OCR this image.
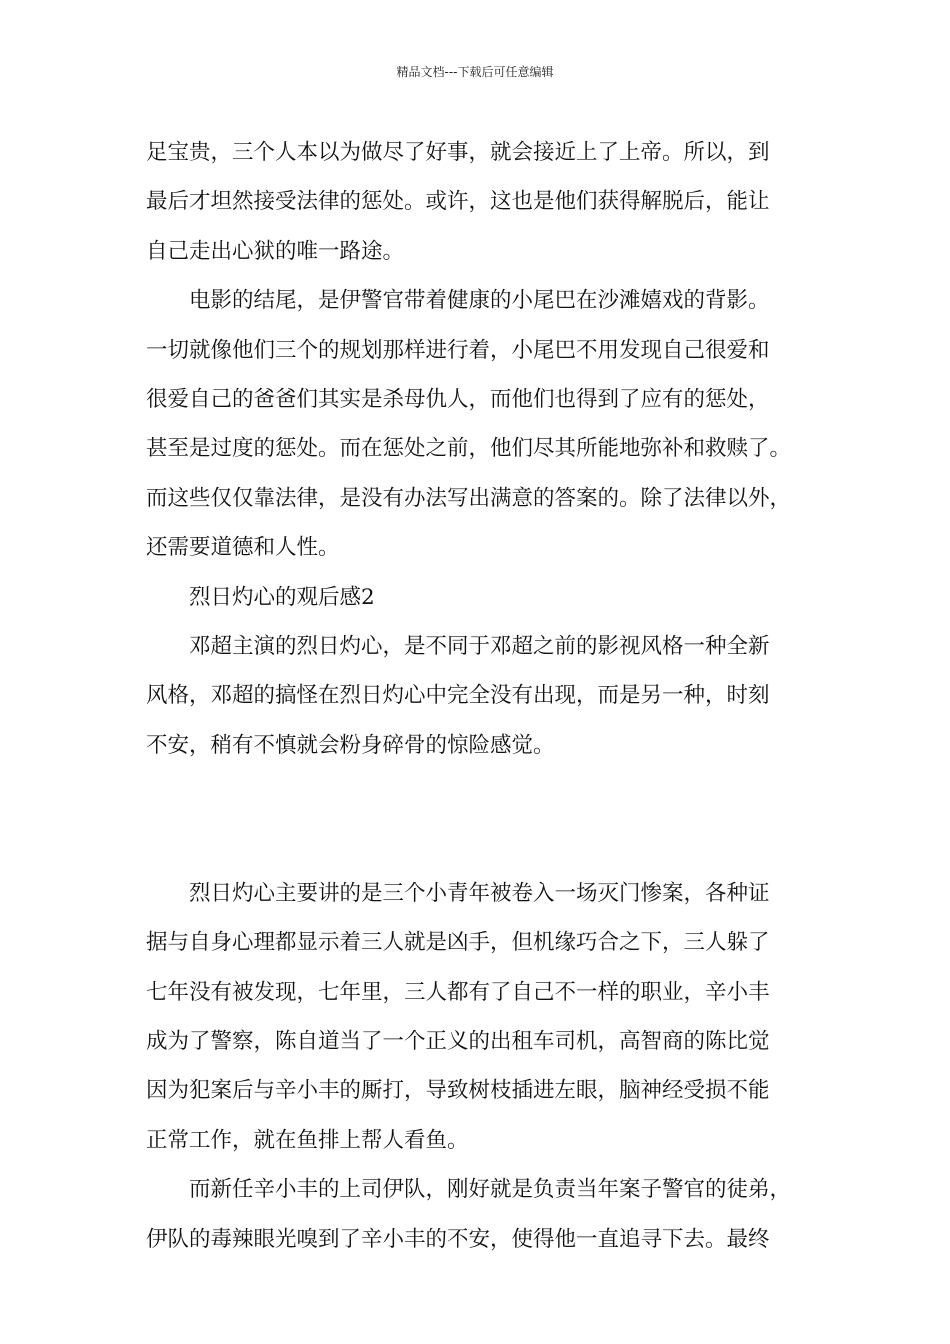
精品文档---下载后可任意编辑
足宝贵，三个人本以为做尽了好事，就会接近上了上帝。所以，到
最后才坦然接受法律的惩处。或许，这也是他们获得解脱后，能让
自己走出心狱的唯一路途。
电影的结尾，是伊警官带着健康的小尾巴在沙滩嬉戏的背影。
一切就像他们三个的规划那样进行着，小尾巴不用发现自己很爱和
很爱自己的爸爸们其实是杀母仇人，而他们也得到了应有的惩处，
甚至是过度的惩处。而在惩处之前，他们尽其所能地弥补和救赎了。
而这些仅仅靠法律，是没有办法写出满意的答案的。除了法律以外，
还需要道德和人性。
烈日灼心的观后感2
邓超主演的烈日灼心，是不同于邓超之前的影视风格一种全新
风格，邓超的搞怪在烈日灼心中完全没有出现，而是另一种，时刻
不安，稍有不慎就会粉身碎骨的惊险感觉。
烈日灼心主要讲的是三个小青年被卷入一场灭门惨案，各种证
据与自身心理都显示着三人就是凶手，但机缘巧合之下，三人躲了
七年没有被发现，七年里，三人都有了自己不一样的职业，辛小丰
成为了警察，陈自道当了一个正义的出租车司机，高智商的陈比觉
因为犯案后与辛小丰的厮打，导致树枝插进左眼，脑神经受损不能
正常工作，就在鱼排上帮人看鱼。
而新任辛小丰的上司伊队，刚好就是负责当年案子警官的徒弟，
伊队的毒辣眼光嗅到了辛小丰的不安，使得他一直追寻下去。最终
